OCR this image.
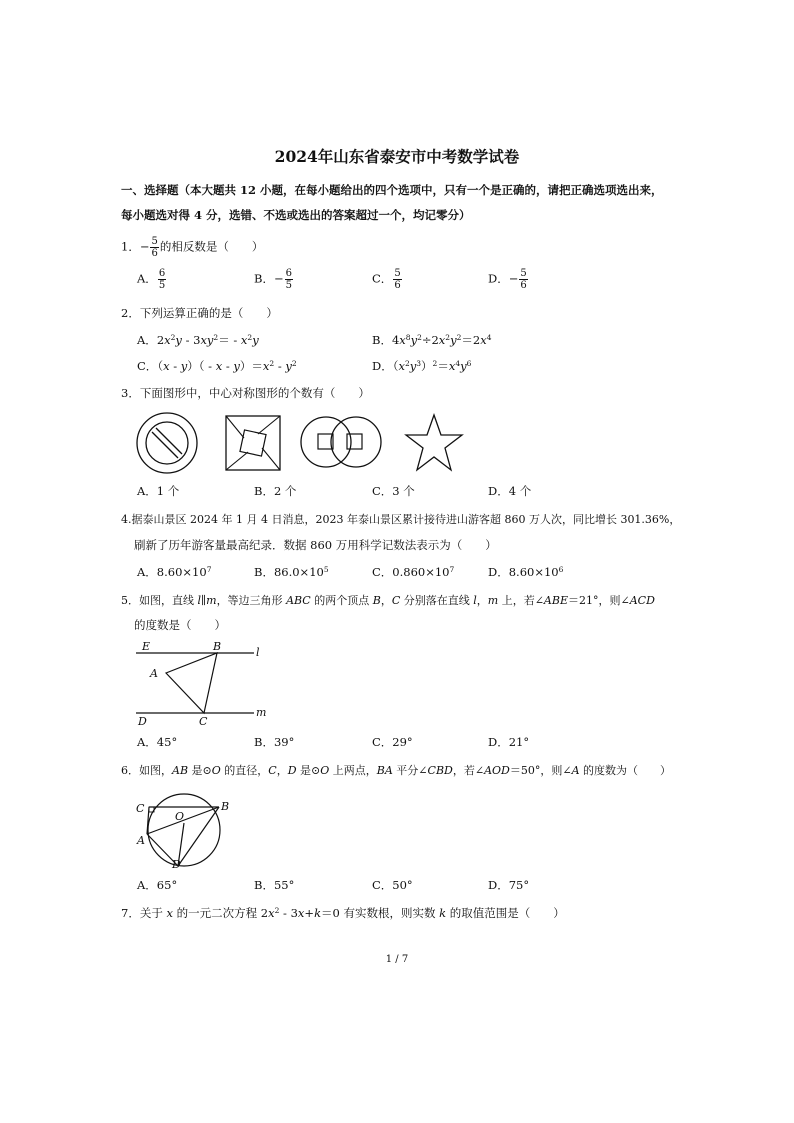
2024年山东省泰安市中考数学试卷
一、选择题（本大题共 12 小题，在每小题给出的四个选项中，只有一个是正确的，请把正确选项选出来，
每小题选对得 4 分，选错、不选或选出的答案超过一个，均记零分）
1．− $\frac{5}{6}$ 的相反数是（　　）
A． $\frac{6}{5}$	B．− $\frac{6}{5}$	C． $\frac{5}{6}$	D．− $\frac{5}{6}$
2．下列运算正确的是（　　）
A．$2x^2y - 3xy^2= - x^2y$	B．$4x^8y^2\div 2x^2y^2=2x^4$
C．$(x - y)( - x - y)=x^2 - y^2$	D．$(x^2y^3)^2=x^4y^6$
3．下面图形中，中心对称图形的个数有（　　）
A．1 个	B．2 个	C．3 个	D．4 个
4.据泰山景区 2024 年 1 月 4 日消息，2023 年泰山景区累计接待进山游客超 860 万人次，同比增长 301.36%，
刷新了历年游客量最高纪录．数据 860 万用科学记数法表示为（　　）
A．$8.60\times 10^7$	B．$86.0\times 10^5$	C．$0.860\times 10^7$	D．$8.60\times 10^6$
5．如图，直线 l∥m，等边三角形 ABC 的两个顶点 B，C 分别落在直线 l，m 上，若∠ABE＝21°，则∠ACD
的度数是（　　）
E	B	l
A
D	C
m
A．45°	B．39°	C．29°	D．21°
6．如图，AB 是⊙O 的直径，C，D 是⊙O 上两点，BA 平分∠CBD，若∠AOD＝50°，则∠A 的度数为（　　）
C	B
O
A
D
A．65°	B．55°	C．50°	D．75°
7．关于 x 的一元二次方程 $2x^2 - 3x+k=0$ 有实数根，则实数 k 的取值范围是（　　）
1 / 7
